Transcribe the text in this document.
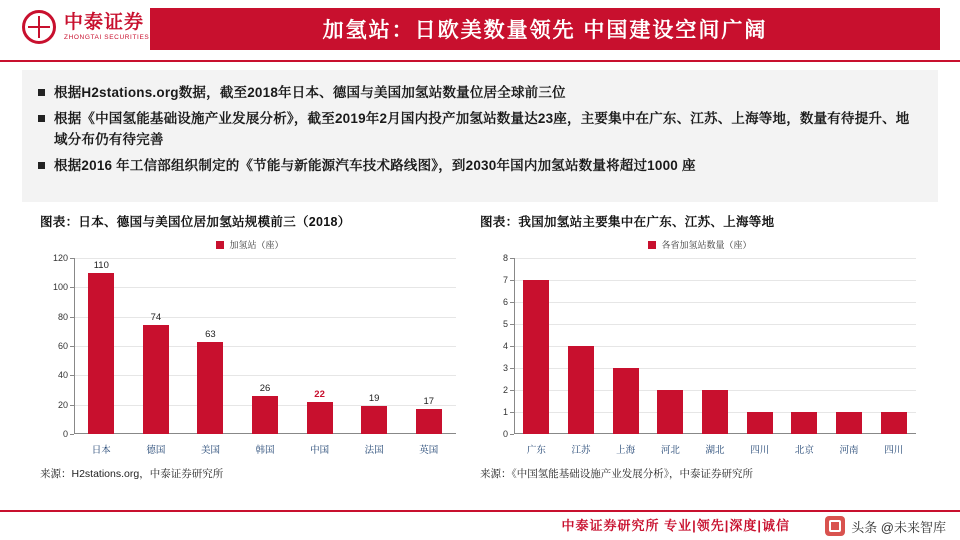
中泰证券
ZHONGTAI SECURITIES	加氢站：日欧美数量领先 中国建设空间广阔
根据H2stations.org数据，截至2018年日本、德国与美国加氢站数量位居全球前三位
根据《中国氢能基础设施产业发展分析》，截至2019年2月国内投产加氢站数量达23座，主要集中在广东、江苏、上海等地，数量有待提升、地域分布仍有待完善
根据2016 年工信部组织制定的《节能与新能源汽车技术路线图》，到2030年国内加氢站数量将超过1000 座
图表：日本、德国与美国位居加氢站规模前三（2018）
加氢站（座）
0
20
40
60
80
100
120
110
74
63
26
22	19	17
日本	德国	美国	韩国	中国	法国	英国
来源：H2stations.org，中泰证券研究所
图表：我国加氢站主要集中在广东、江苏、上海等地
各省加氢站数量（座）
0
1
2
3
4
5
6
7
8
广东	江苏	上海	河北	湖北	四川	北京	河南	四川
来源：《中国氢能基础设施产业发展分析》，中泰证券研究所
中泰证券研究所 专业|领先|深度|诚信	头条 @未来智库
